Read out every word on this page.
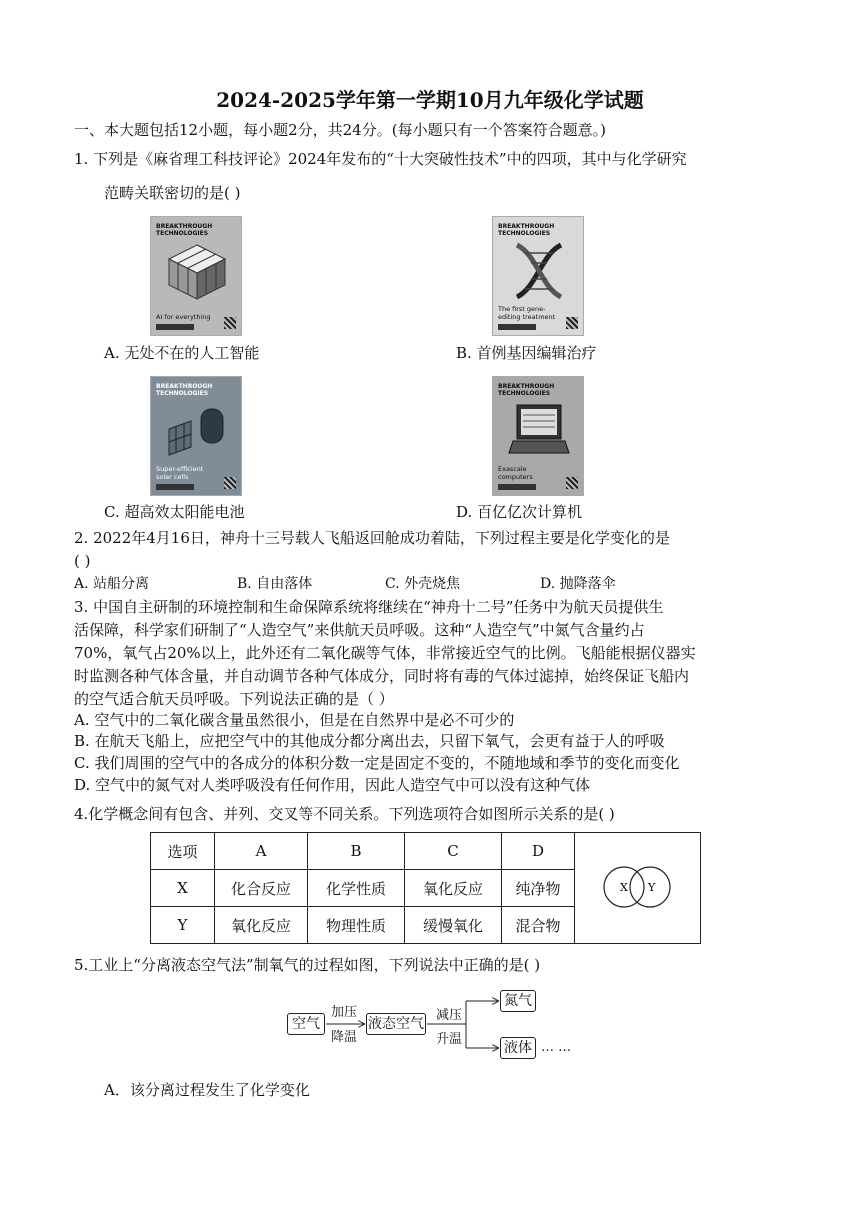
2024-2025学年第一学期10月九年级化学试题
一、本大题包括12小题，每小题2分，共24分。(每小题只有一个答案符合题意。)
1. 下列是《麻省理工科技评论》2024年发布的“十大突破性技术”中的四项，其中与化学研究
范畴关联密切的是( )
BREAKTHROUGH
TECHNOLOGIES
AI for everything
A. 无处不在的人工智能
BREAKTHROUGH
TECHNOLOGIES
The first gene-
editing treatment
B. 首例基因编辑治疗
BREAKTHROUGH
TECHNOLOGIES
Super-efficient
solar cells
C. 超高效太阳能电池
BREAKTHROUGH
TECHNOLOGIES
Exascale
computers
D. 百亿亿次计算机
2. 2022年4月16日，神舟十三号载人飞船返回舱成功着陆，下列过程主要是化学变化的是
( )
A. 站船分离	B. 自由落体	C. 外壳烧焦	D. 抛降落伞
3. 中国自主研制的环境控制和生命保障系统将继续在“神舟十二号”任务中为航天员提供生
活保障，科学家们研制了“人造空气”来供航天员呼吸。这种“人造空气”中氮气含量约占
70%，氧气占20%以上，此外还有二氧化碳等气体，非常接近空气的比例。飞船能根据仪器实
时监测各种气体含量，并自动调节各种气体成分，同时将有毒的气体过滤掉，始终保证飞船内
的空气适合航天员呼吸。下列说法正确的是（ ）
A. 空气中的二氧化碳含量虽然很小，但是在自然界中是必不可少的
B. 在航天飞船上，应把空气中的其他成分都分离出去，只留下氧气，会更有益于人的呼吸
C. 我们周围的空气中的各成分的体积分数一定是固定不变的，不随地域和季节的变化而变化
D. 空气中的氮气对人类呼吸没有任何作用，因此人造空气中可以没有这种气体
4.化学概念间有包含、并列、交叉等不同关系。下列选项符合如图所示关系的是( )
选项	A	B	C	D
X	化合反应	化学性质	氧化反应	纯净物
Y	氧化反应	物理性质	缓慢氧化	混合物
X Y
5.工业上“分离液态空气法”制氧气的过程如图，下列说法中正确的是( )
空气
加压
降温
液态空气
减压
升温
氮气
液体 … …
A．该分离过程发生了化学变化
